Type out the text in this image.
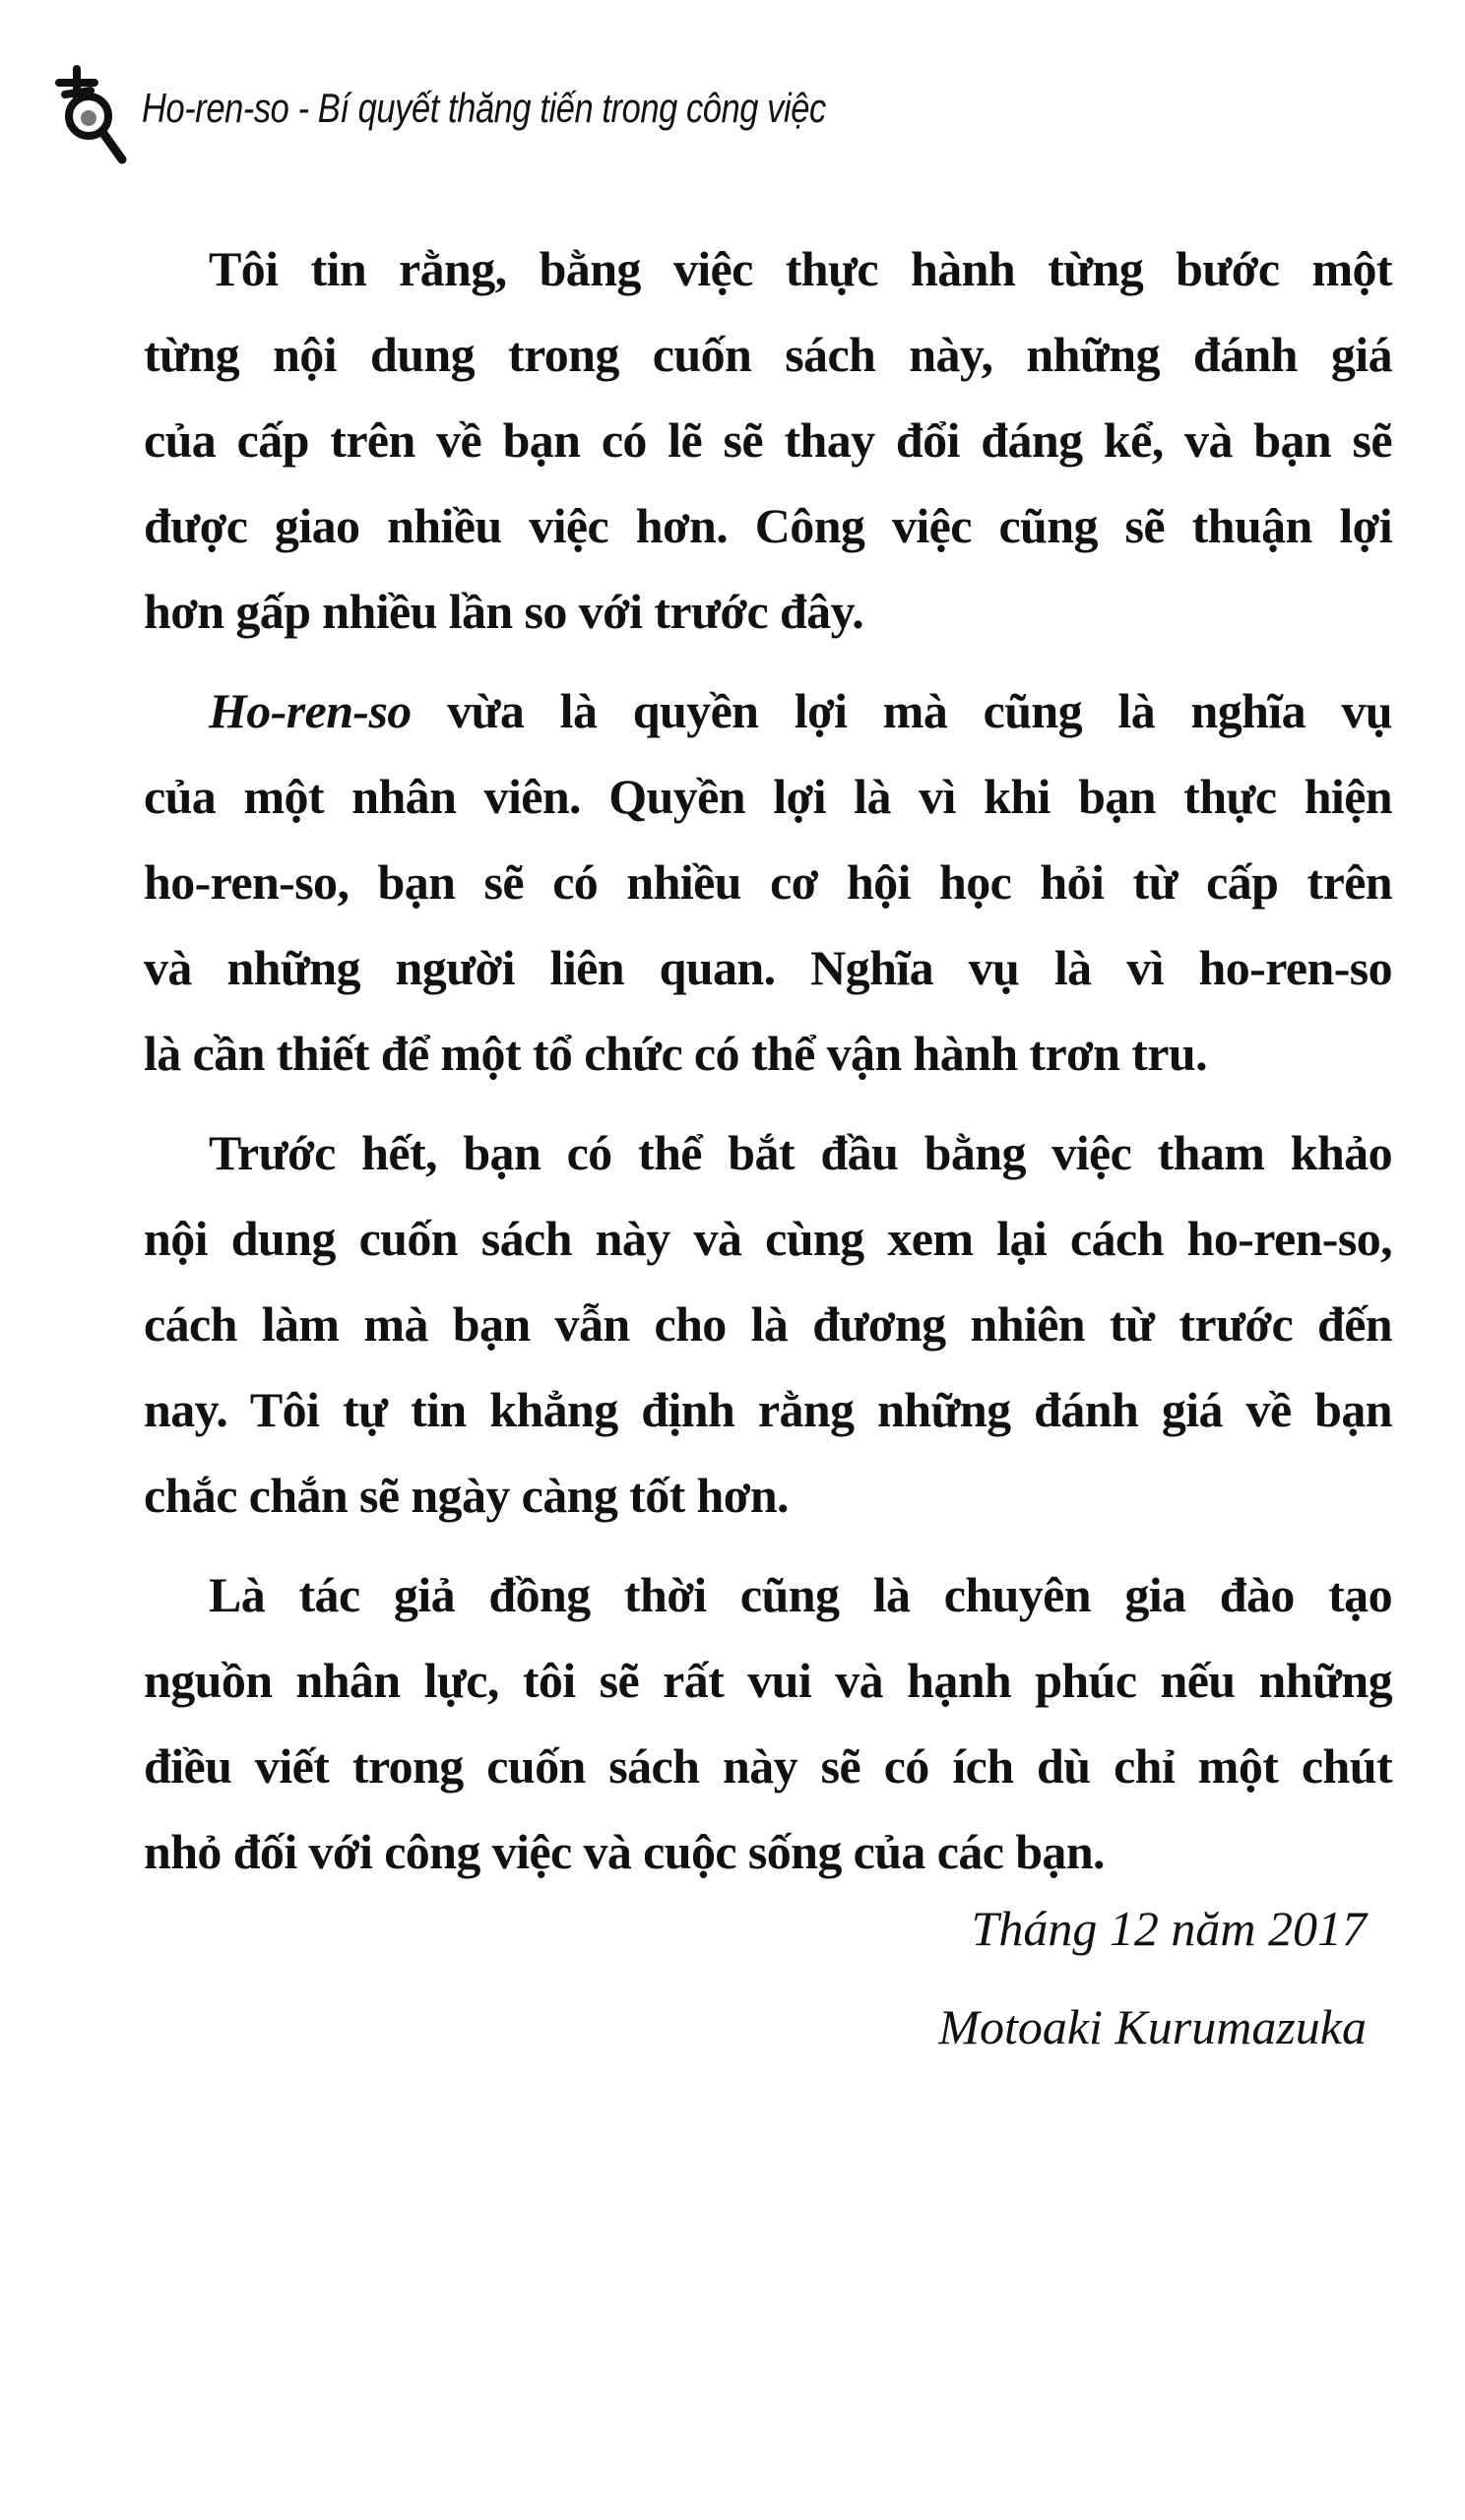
Ho-ren-so - Bí quyết thăng tiến trong công việc
Tôi tin rằng, bằng việc thực hành từng bước một
từng nội dung trong cuốn sách này, những đánh giá
của cấp trên về bạn có lẽ sẽ thay đổi đáng kể, và bạn sẽ
được giao nhiều việc hơn. Công việc cũng sẽ thuận lợi
hơn gấp nhiều lần so với trước đây.
Ho-ren-so vừa là quyền lợi mà cũng là nghĩa vụ
của một nhân viên. Quyền lợi là vì khi bạn thực hiện
ho-ren-so, bạn sẽ có nhiều cơ hội học hỏi từ cấp trên
và những người liên quan. Nghĩa vụ là vì ho-ren-so
là cần thiết để một tổ chức có thể vận hành trơn tru.
Trước hết, bạn có thể bắt đầu bằng việc tham khảo
nội dung cuốn sách này và cùng xem lại cách ho-ren-so,
cách làm mà bạn vẫn cho là đương nhiên từ trước đến
nay. Tôi tự tin khẳng định rằng những đánh giá về bạn
chắc chắn sẽ ngày càng tốt hơn.
Là tác giả đồng thời cũng là chuyên gia đào tạo
nguồn nhân lực, tôi sẽ rất vui và hạnh phúc nếu những
điều viết trong cuốn sách này sẽ có ích dù chỉ một chút
nhỏ đối với công việc và cuộc sống của các bạn.
Tháng 12 năm 2017
Motoaki Kurumazuka
